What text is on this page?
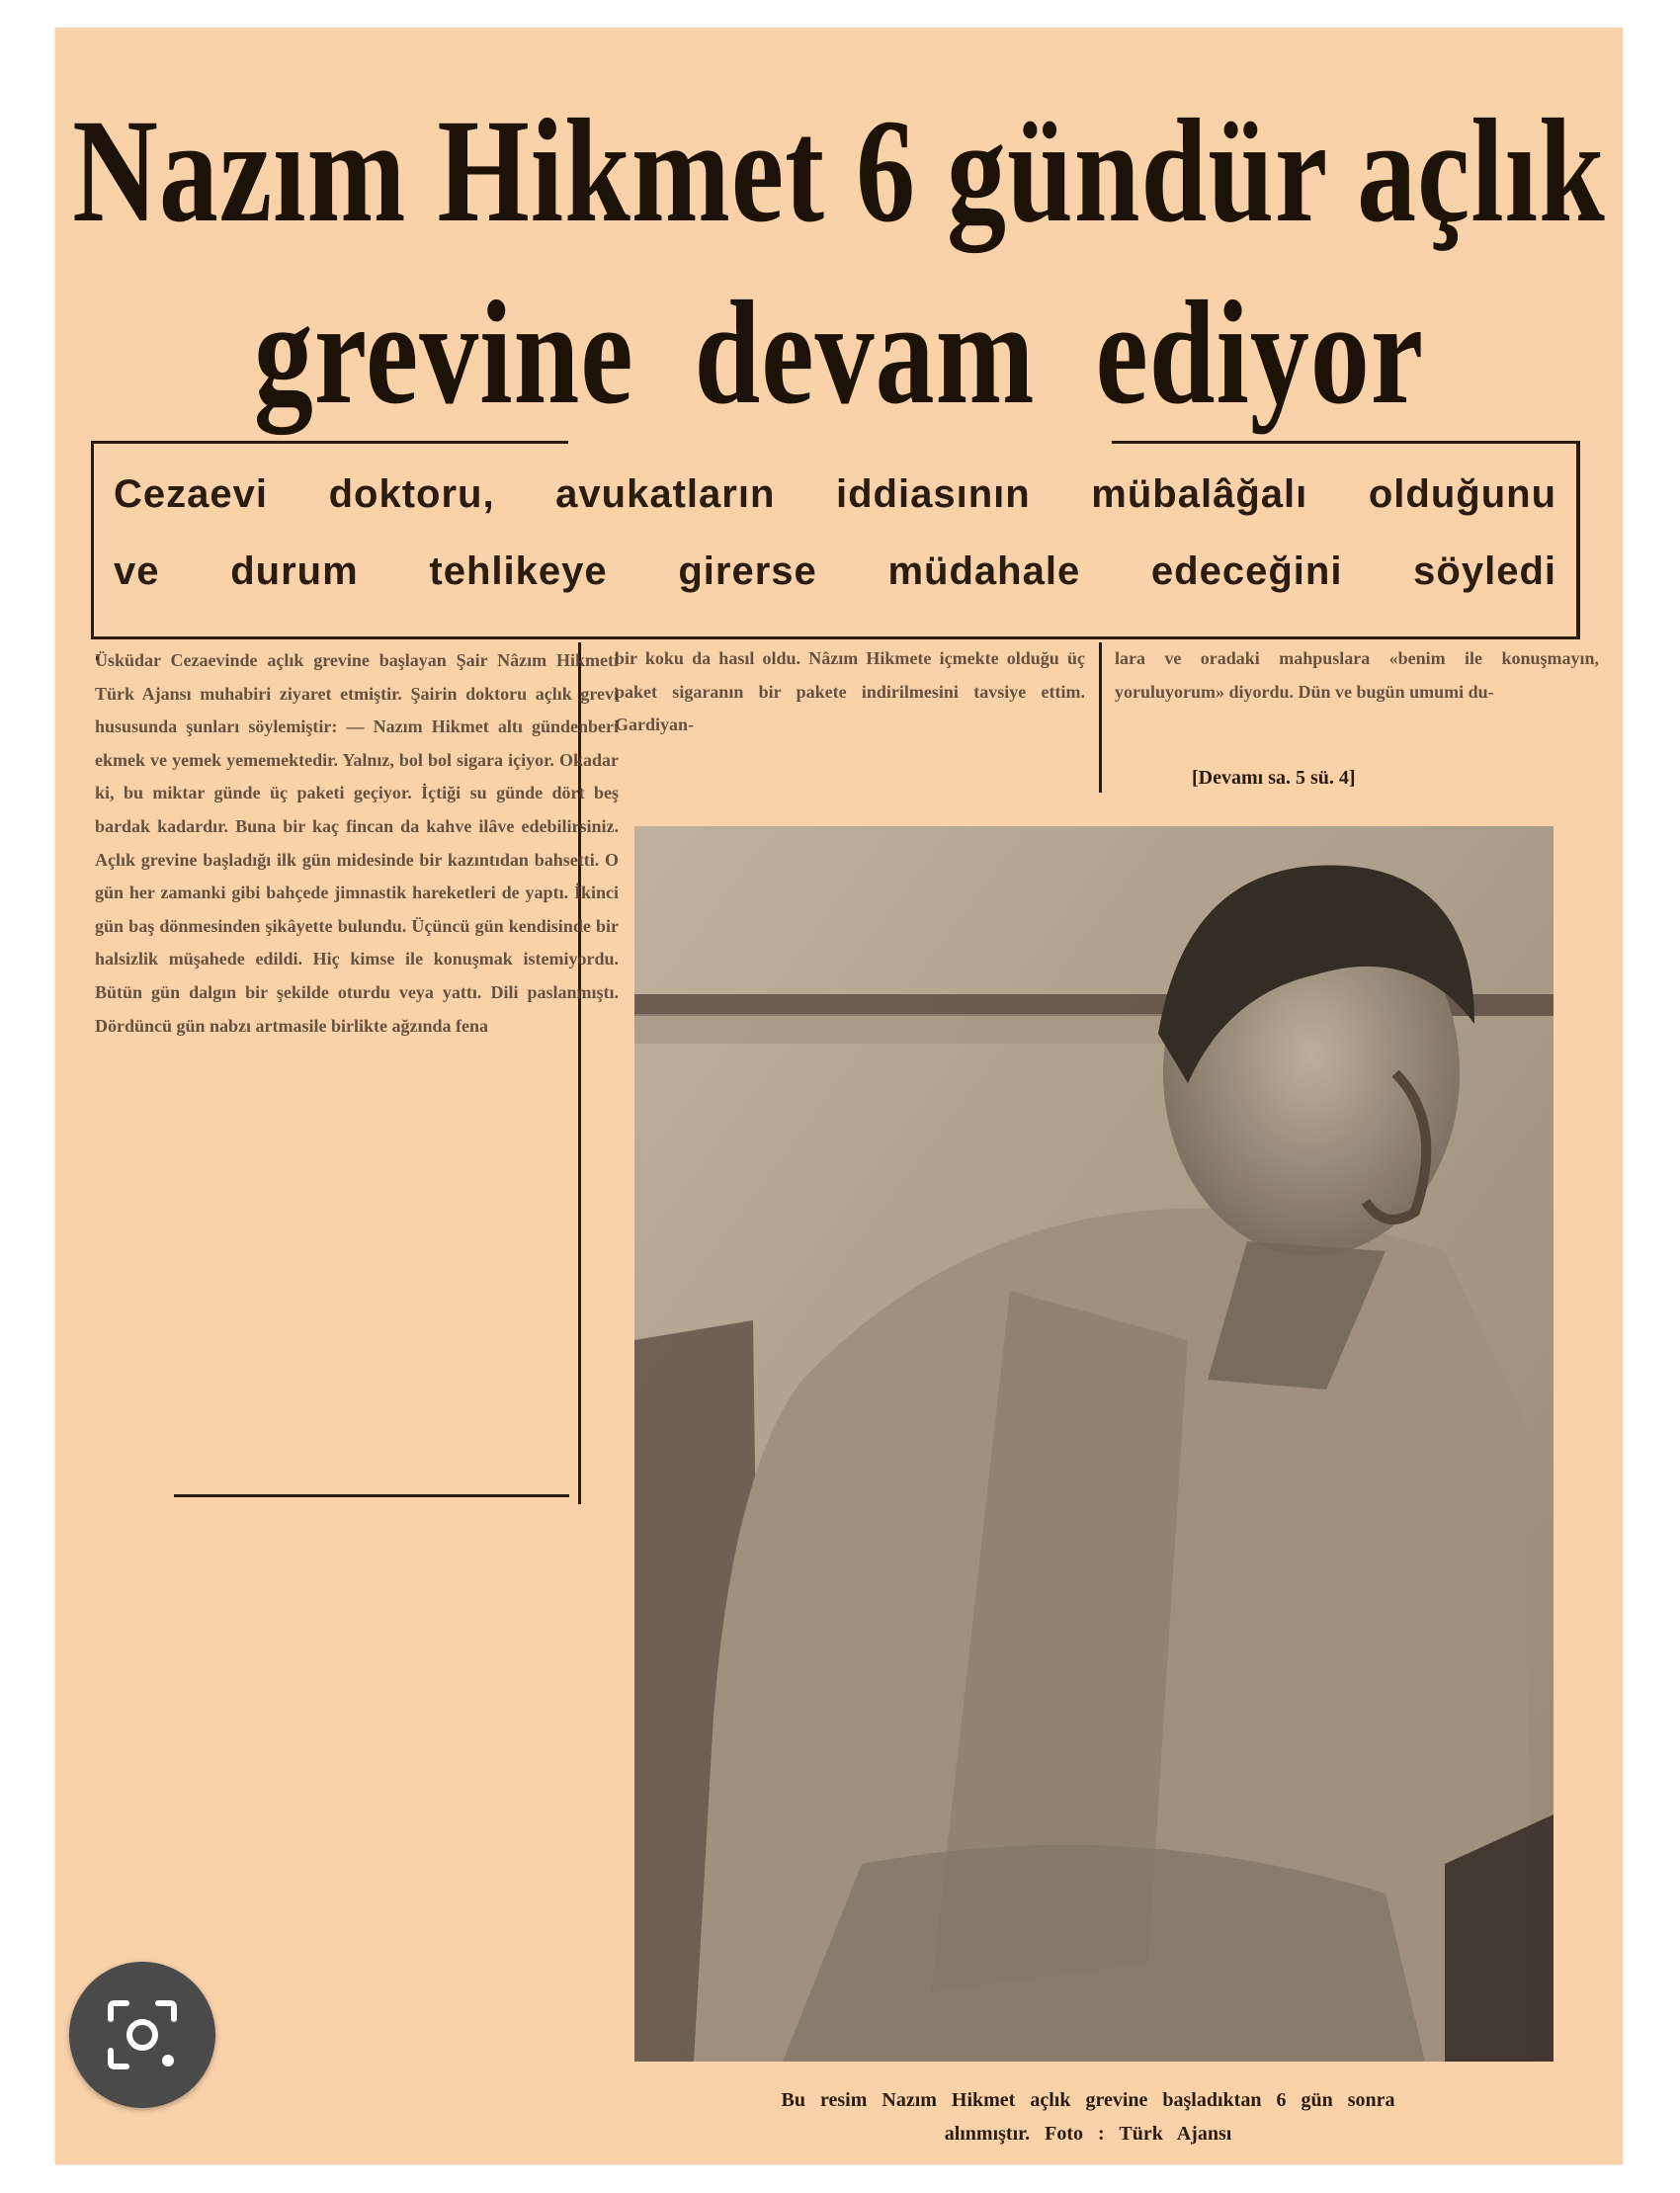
Nazım Hikmet 6 gündür açlık
grevine devam ediyor
Cezaevi doktoru, avukatların iddiasının mübalâğalı olduğunu
ve durum tehlikeye girerse müdahale edeceğini söyledi
Üsküdar Cezaevinde açlık grevine başlayan Şair Nâzım Hikmeti Türk Ajansı muhabiri ziyaret etmiştir. Şairin doktoru açlık grevi hususunda şunları söylemiştir: — Nazım Hikmet altı gündenberi ekmek ve yemek yememektedir. Yalnız, bol bol sigara içiyor. Okadar ki, bu miktar günde üç paketi geçiyor. İçtiği su günde dört beş bardak kadardır. Buna bir kaç fincan da kahve ilâve edebilirsiniz. Açlık grevine başladığı ilk gün midesinde bir kazıntıdan bahsetti. O gün her zamanki gibi bahçede jimnastik hareketleri de yaptı. İkinci gün baş dönmesinden şikâyette bulundu. Üçüncü gün kendisinde bir halsizlik müşahede edildi. Hiç kimse ile konuşmak istemiyordu. Bütün gün dalgın bir şekilde oturdu veya yattı. Dili paslanmıştı. Dördüncü gün nabzı artmasile birlikte ağzında fena
bir koku da hasıl oldu. Nâzım Hikmete içmekte olduğu üç paket sigaranın bir pakete indirilmesini tavsiye ettim. Gardiyan-
lara ve oradaki mahpuslara «benim ile konuşmayın, yoruluyorum» diyordu. Dün ve bugün umumi du-
[Devamı sa. 5 sü. 4]
Bu resim Nazım Hikmet açlık grevine başladıktan 6 gün sonra
alınmıştır. Foto : Türk Ajansı
